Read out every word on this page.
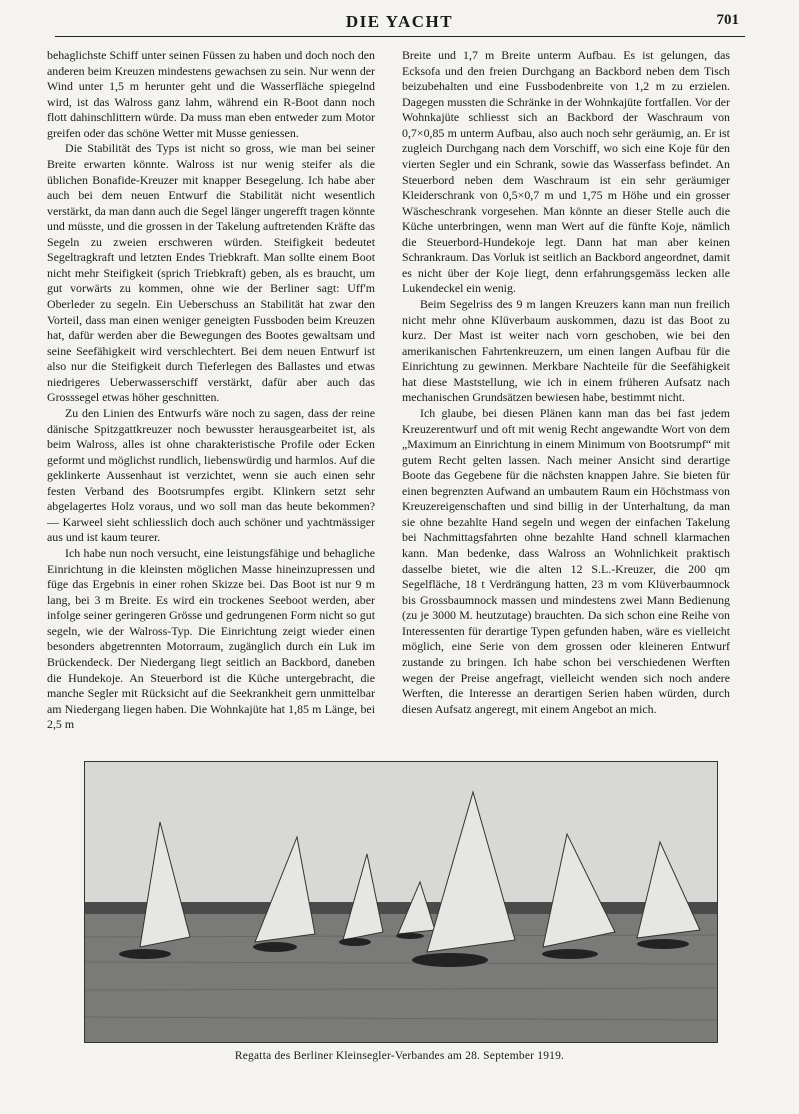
DIE YACHT	701

behaglichste Schiff unter seinen Füssen zu haben und doch noch den anderen beim Kreuzen mindestens gewachsen zu sein. Nur wenn der Wind unter 1,5 m herunter geht und die Wasserfläche spiegelnd wird, ist das Walross ganz lahm, während ein R-Boot dann noch flott dahinschlittern würde. Da muss man eben entweder zum Motor greifen oder das schöne Wetter mit Musse geniessen.

Die Stabilität des Typs ist nicht so gross, wie man bei seiner Breite erwarten könnte. Walross ist nur wenig steifer als die üblichen Bonafide-Kreuzer mit knapper Besegelung. Ich habe aber auch bei dem neuen Entwurf die Stabilität nicht wesentlich verstärkt, da man dann auch die Segel länger ungerefft tragen könnte und müsste, und die grossen in der Takelung auftretenden Kräfte das Segeln zu zweien erschweren würden. Steifigkeit bedeutet Segeltragkraft und letzten Endes Triebkraft. Man sollte einem Boot nicht mehr Steifigkeit (sprich Triebkraft) geben, als es braucht, um gut vorwärts zu kommen, ohne wie der Berliner sagt: Uff'm Oberleder zu segeln. Ein Ueberschuss an Stabilität hat zwar den Vorteil, dass man einen weniger geneigten Fussboden beim Kreuzen hat, dafür werden aber die Bewegungen des Bootes gewaltsam und seine Seefähigkeit wird verschlechtert. Bei dem neuen Entwurf ist also nur die Steifigkeit durch Tieferlegen des Ballastes und etwas niedrigeres Ueberwasserschiff verstärkt, dafür aber auch das Grosssegel etwas höher geschnitten.

Zu den Linien des Entwurfs wäre noch zu sagen, dass der reine dänische Spitzgattkreuzer noch bewusster herausgearbeitet ist, als beim Walross, alles ist ohne charakteristische Profile oder Ecken geformt und möglichst rundlich, liebenswürdig und harmlos. Auf die geklinkerte Aussenhaut ist verzichtet, wenn sie auch einen sehr festen Verband des Bootsrumpfes ergibt. Klinkern setzt sehr abgelagertes Holz voraus, und wo soll man das heute bekommen? — Karweel sieht schliesslich doch auch schöner und yachtmässiger aus und ist kaum teurer.

Ich habe nun noch versucht, eine leistungsfähige und behagliche Einrichtung in die kleinsten möglichen Masse hineinzupressen und füge das Ergebnis in einer rohen Skizze bei. Das Boot ist nur 9 m lang, bei 3 m Breite. Es wird ein trockenes Seeboot werden, aber infolge seiner geringeren Grösse und gedrungenen Form nicht so gut segeln, wie der Walross-Typ. Die Einrichtung zeigt wieder einen besonders abgetrennten Motorraum, zugänglich durch ein Luk im Brückendeck. Der Niedergang liegt seitlich an Backbord, daneben die Hundekoje. An Steuerbord ist die Küche untergebracht, die manche Segler mit Rücksicht auf die Seekrankheit gern unmittelbar am Niedergang liegen haben. Die Wohnkajüte hat 1,85 m Länge, bei 2,5 m

Breite und 1,7 m Breite unterm Aufbau. Es ist gelungen, das Ecksofa und den freien Durchgang an Backbord neben dem Tisch beizubehalten und eine Fussbodenbreite von 1,2 m zu erzielen. Dagegen mussten die Schränke in der Wohnkajüte fortfallen. Vor der Wohnkajüte schliesst sich an Backbord der Waschraum von 0,7×0,85 m unterm Aufbau, also auch noch sehr geräumig, an. Er ist zugleich Durchgang nach dem Vorschiff, wo sich eine Koje für den vierten Segler und ein Schrank, sowie das Wasserfass befindet. An Steuerbord neben dem Waschraum ist ein sehr geräumiger Kleiderschrank von 0,5×0,7 m und 1,75 m Höhe und ein grosser Wäscheschrank vorgesehen. Man könnte an dieser Stelle auch die Küche unterbringen, wenn man Wert auf die fünfte Koje, nämlich die Steuerbord-Hundekoje legt. Dann hat man aber keinen Schrankraum. Das Vorluk ist seitlich an Backbord angeordnet, damit es nicht über der Koje liegt, denn erfahrungsgemäss lecken alle Lukendeckel ein wenig.

Beim Segelriss des 9 m langen Kreuzers kann man nun freilich nicht mehr ohne Klüverbaum auskommen, dazu ist das Boot zu kurz. Der Mast ist weiter nach vorn geschoben, wie bei den amerikanischen Fahrtenkreuzern, um einen langen Aufbau für die Einrichtung zu gewinnen. Merkbare Nachteile für die Seefähigkeit hat diese Maststellung, wie ich in einem früheren Aufsatz nach mechanischen Grundsätzen bewiesen habe, bestimmt nicht.

Ich glaube, bei diesen Plänen kann man das bei fast jedem Kreuzerentwurf und oft mit wenig Recht angewandte Wort von dem „Maximum an Einrichtung in einem Minimum von Bootsrumpf“ mit gutem Recht gelten lassen. Nach meiner Ansicht sind derartige Boote das Gegebene für die nächsten knappen Jahre. Sie bieten für einen begrenzten Aufwand an umbautem Raum ein Höchstmass von Kreuzereigenschaften und sind billig in der Unterhaltung, da man sie ohne bezahlte Hand segeln und wegen der einfachen Takelung bei Nachmittagsfahrten ohne bezahlte Hand schnell klarmachen kann. Man bedenke, dass Walross an Wohnlichkeit praktisch dasselbe bietet, wie die alten 12 S.L.-Kreuzer, die 200 qm Segelfläche, 18 t Verdrängung hatten, 23 m vom Klüverbaumnock bis Grossbaumnock massen und mindestens zwei Mann Bedienung (zu je 3000 M. heutzutage) brauchten. Da sich schon eine Reihe von Interessenten für derartige Typen gefunden haben, wäre es vielleicht möglich, eine Serie von dem grossen oder kleineren Entwurf zustande zu bringen. Ich habe schon bei verschiedenen Werften wegen der Preise angefragt, vielleicht wenden sich noch andere Werften, die Interesse an derartigen Serien haben würden, durch diesen Aufsatz angeregt, mit einem Angebot an mich.

Regatta des Berliner Kleinsegler-Verbandes am 28. September 1919.
